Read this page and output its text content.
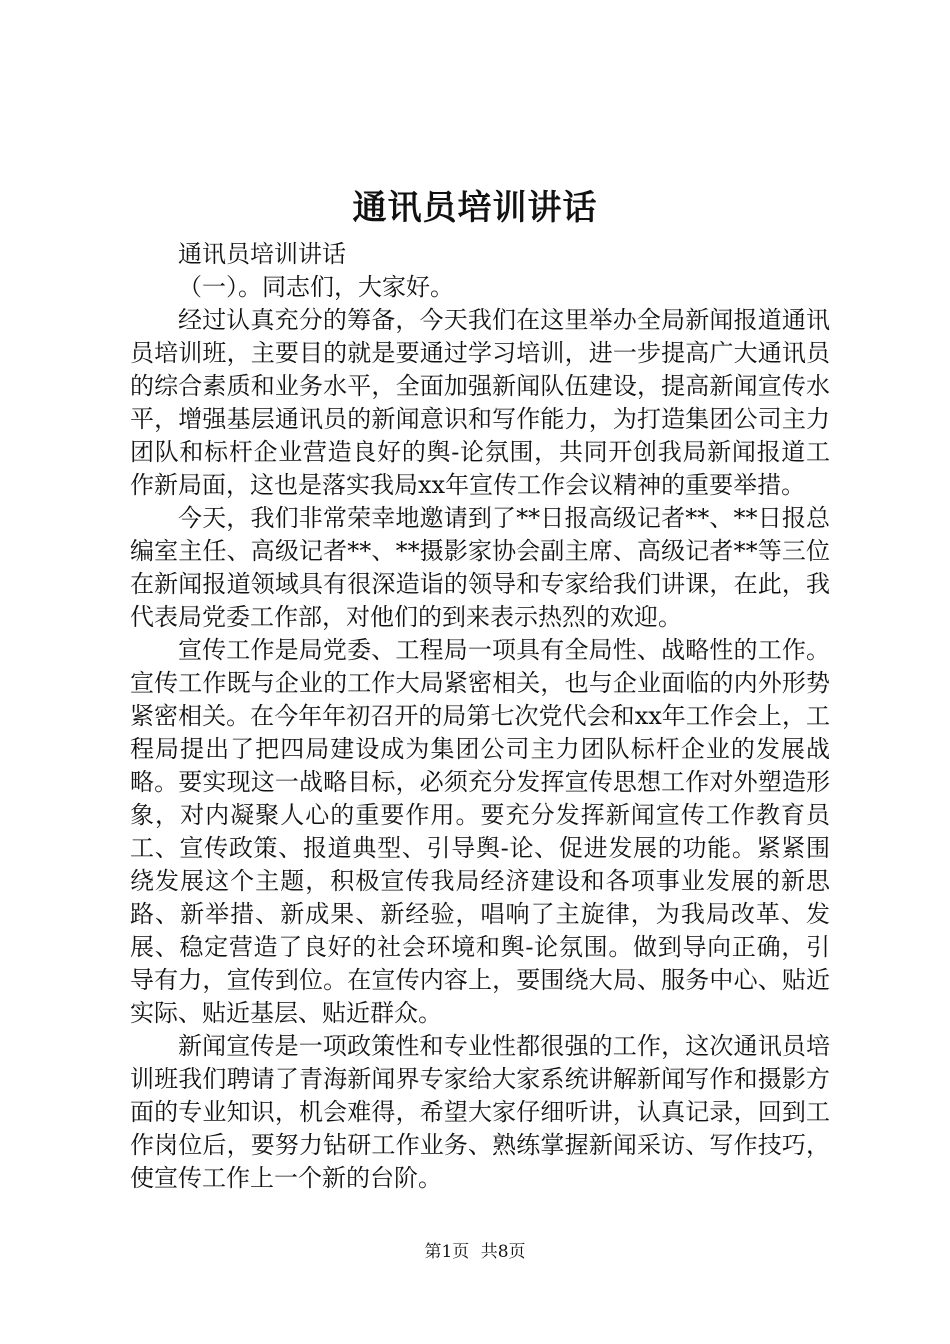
通讯员培训讲话

通讯员培训讲话

（一）。同志们，大家好。

经过认真充分的筹备，今天我们在这里举办全局新闻报道通讯员培训班，主要目的就是要通过学习培训，进一步提高广大通讯员的综合素质和业务水平，全面加强新闻队伍建设，提高新闻宣传水平，增强基层通讯员的新闻意识和写作能力，为打造集团公司主力团队和标杆企业营造良好的舆-论氛围，共同开创我局新闻报道工作新局面，这也是落实我局xx年宣传工作会议精神的重要举措。

今天，我们非常荣幸地邀请到了**日报高级记者**、**日报总编室主任、高级记者**、**摄影家协会副主席、高级记者**等三位在新闻报道领域具有很深造诣的领导和专家给我们讲课，在此，我代表局党委工作部，对他们的到来表示热烈的欢迎。

宣传工作是局党委、工程局一项具有全局性、战略性的工作。宣传工作既与企业的工作大局紧密相关，也与企业面临的内外形势紧密相关。在今年年初召开的局第七次党代会和xx年工作会上，工程局提出了把四局建设成为集团公司主力团队标杆企业的发展战略。要实现这一战略目标，必须充分发挥宣传思想工作对外塑造形象，对内凝聚人心的重要作用。要充分发挥新闻宣传工作教育员工、宣传政策、报道典型、引导舆-论、促进发展的功能。紧紧围绕发展这个主题，积极宣传我局经济建设和各项事业发展的新思路、新举措、新成果、新经验，唱响了主旋律，为我局改革、发展、稳定营造了良好的社会环境和舆-论氛围。做到导向正确，引导有力，宣传到位。在宣传内容上，要围绕大局、服务中心、贴近实际、贴近基层、贴近群众。

新闻宣传是一项政策性和专业性都很强的工作，这次通讯员培训班我们聘请了青海新闻界专家给大家系统讲解新闻写作和摄影方面的专业知识，机会难得，希望大家仔细听讲，认真记录，回到工作岗位后，要努力钻研工作业务、熟练掌握新闻采访、写作技巧，使宣传工作上一个新的台阶。

第1页 共8页
